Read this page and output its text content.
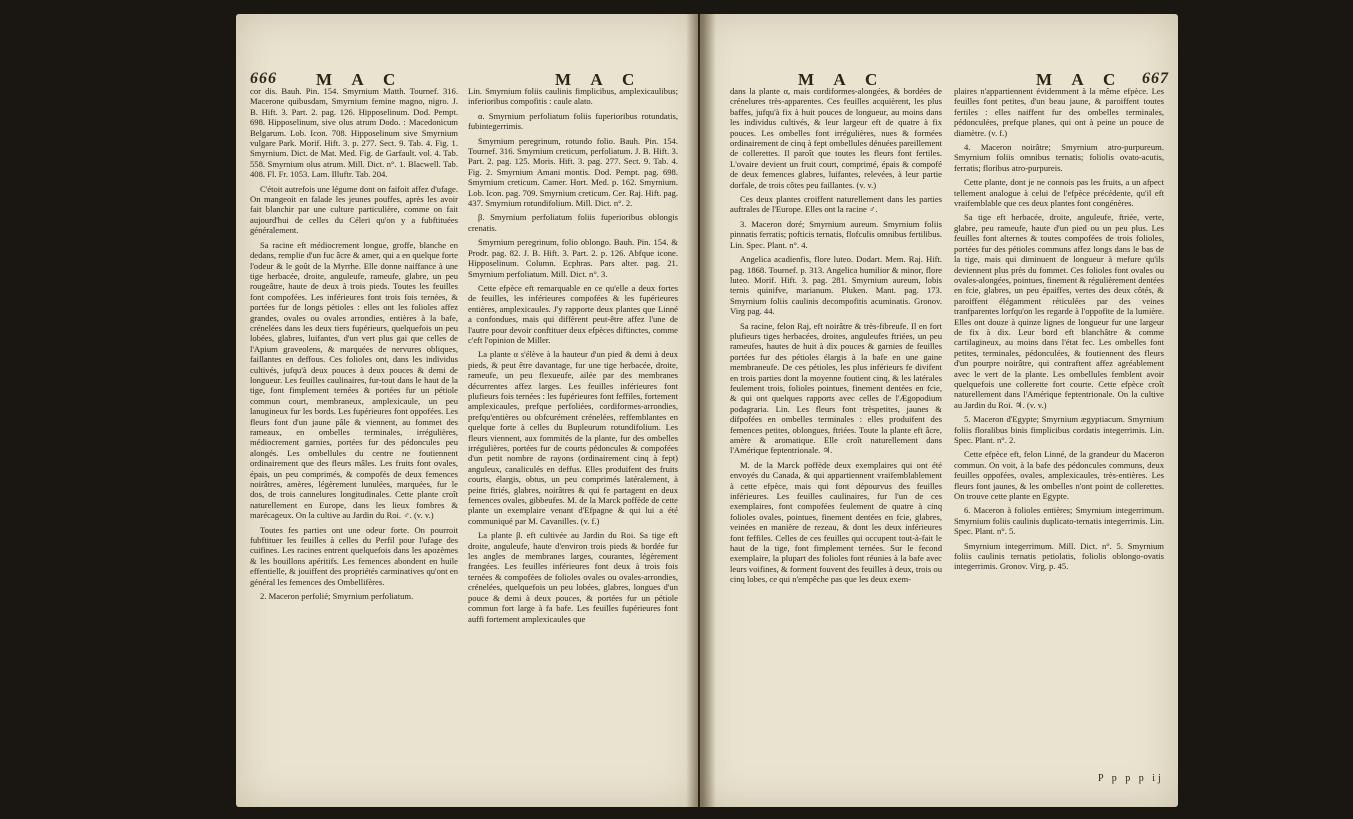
666 M A C	M A C	M A C	M A C 667

cor dis. Bauh. Pin. 154. Smyrnium Matth. Tournef. 316. Macerone quibusdam, Smyrnium femine magno, nigro. J. B. Hift. 3. Part. 2. pag. 126. Hipposelinum. Dod. Pempt. 698. Hipposelinum, sive olus atrum Dodo. : Macedonicum Belgarum. Lob. Icon. 708. Hipposelinum sive Smyrnium vulgare Park. Morif. Hift. 3. p. 277. Sect. 9. Tab. 4. Fig. 1. Smyrnium. Dict. de Mat. Med. Fig. de Garfault. vol. 4. Tab. 558. Smyrnium olus atrum. Mill. Dict. n°. 1. Blacwell. Tab. 408. Fl. Fr. 1053. Lam. Illuftr. Tab. 204.

C'étoit autrefois une légume dont on faifoit affez d'ufage. On mangeoit en falade les jeunes pouffes, après les avoir fait blanchir par une culture particulière, comme on fait aujourd'hui de celles du Céleri qu'on y a fubftituées généralement.

Sa racine eft médiocrement longue, groffe, blanche en dedans, remplie d'un fuc âcre & amer, qui a en quelque forte l'odeur & le goût de la Myrrhe. Elle donne naiffance à une tige herbacée, droite, anguleufe, rameufe, glabre, un peu rougeâtre, haute de deux à trois pieds. Toutes les feuilles font compofées. Les inférieures font trois fois ternées, & portées fur de longs pétioles : elles ont les folioles affez grandes, ovales ou ovales arrondies, entières à la bafe, crénelées dans les deux tiers fupérieurs, quelquefois un peu lobées, glabres, luifantes, d'un vert plus gai que celles de l'Apium graveolens, & marquées de nervures obliques, faillantes en deffous. Ces folioles ont, dans les individus cultivés, jufqu'à deux pouces à deux pouces & demi de longueur. Les feuilles caulinaires, fur-tout dans le haut de la tige, font fimplement ternées & portées fur un pétiole commun court, membraneux, amplexicaule, un peu lanugineux fur les bords. Les fupérieures font oppofées. Les fleurs font d'un jaune pâle & viennent, au fommet des rameaux, en ombelles terminales, irrégulières, médiocrement garnies, portées fur des pédoncules peu alongés. Les ombellules du centre ne foutiennent ordinairement que des fleurs mâles. Les fruits font ovales, épais, un peu comprimés, & compofés de deux femences noirâtres, amères, légèrement lunulées, marquées, fur le dos, de trois cannelures longitudinales. Cette plante croît naturellement en Europe, dans les lieux fombres & marécageux. On la cultive au Jardin du Roi. ♂. (v. v.)

Toutes fes parties ont une odeur forte. On pourroit fubftituer les feuilles à celles du Perfil pour l'ufage des cuifines. Les racines entrent quelquefois dans les apozèmes & les bouillons apéritifs. Les femences abondent en huile effentielle, & jouiffent des propriétés carminatives qu'ont en général les femences des Ombellifères.

2. Maceron perfolié; Smyrnium perfoliatum.

Lin. Smyrnium foliis caulinis fimplicibus, amplexicaulibus; inferioribus compofitis : caule alato.

α. Smyrnium perfoliatum foliis fuperioribus rotundatis, fubintegerrimis.

Smyrnium peregrinum, rotundo folio. Bauh. Pin. 154. Tournef. 316. Smyrnium creticum, perfoliatum. J. B. Hift. 3. Part. 2. pag. 125. Moris. Hift. 3. pag. 277. Sect. 9. Tab. 4. Fig. 2. Smyrnium Amani montis. Dod. Pempt. pag. 698. Smyrnium creticum. Camer. Hort. Med. p. 162. Smyrnium. Lob. Icon. pag. 709. Smyrnium creticum. Cer. Raj. Hift. pag. 437. Smyrnium rotundifolium. Mill. Dict. n°. 2.

β. Smyrnium perfoliatum foliis fuperioribus oblongis crenatis.

Smyrnium peregrinum, folio oblongo. Bauh. Pin. 154. & Prodr. pag. 82. J. B. Hift. 3. Part. 2. p. 126. Abfque icone. Hipposelinum. Column. Ecphras. Pars alter. pag. 21. Smyrnium perfoliatum. Mill. Dict. n°. 3.

Cette efpèce eft remarquable en ce qu'elle a deux fortes de feuilles, les inférieures compofées & les fupérieures entières, amplexicaules. J'y rapporte deux plantes que Linné a confondues, mais qui diffèrent peut-être affez l'une de l'autre pour devoir conftituer deux efpèces diftinctes, comme c'eft l'opinion de Miller.

La plante α s'élève à la hauteur d'un pied & demi à deux pieds, & peut être davantage, fur une tige herbacée, droite, rameufe, un peu flexueufe, ailée par des membranes décurrentes affez larges. Les feuilles inférieures font plufieurs fois ternées : les fupérieures font feffiles, fortement amplexicaules, prefque perfoliées, cordiformes-arrondies, prefqu'entières ou obfcurément crénelées, reffemblantes en quelque forte à celles du Bupleurum rotundifolium. Les fleurs viennent, aux fommités de la plante, fur des ombelles irrégulières, portées fur de courts pédoncules & compofées d'un petit nombre de rayons (ordinairement cinq à fept) anguleux, canaliculés en deffus. Elles produifent des fruits courts, élargis, obtus, un peu comprimés latéralement, à peine ftriés, glabres, noirâtres & qui fe partagent en deux femences ovales, gibbeufes. M. de la Marck poffède de cette plante un exemplaire venant d'Efpagne & qui lui a été communiqué par M. Cavanilles. (v. f.)

La plante β. eft cultivée au Jardin du Roi. Sa tige eft droite, anguleufe, haute d'environ trois pieds & bordée fur les angles de membranes larges, courantes, légèrement frangées. Les feuilles inférieures font deux à trois fois ternées & compofées de folioles ovales ou ovales-arrondies, crénelées, quelquefois un peu lobées, glabres, longues d'un pouce & demi à deux pouces, & portées fur un pétiole commun fort large à fa bafe. Les feuilles fupérieures font auffi fortement amplexicaules que

dans la plante α, mais cordiformes-alongées, & bordées de crénelures très-apparentes. Ces feuilles acquièrent, les plus baffes, jufqu'à fix à huit pouces de longueur, au moins dans les individus cultivés, & leur largeur eft de quatre à fix pouces. Les ombelles font irrégulières, nues & formées ordinairement de cinq à fept ombellules dénuées pareillement de collerettes. Il paroît que toutes les fleurs font fertiles. L'ovaire devient un fruit court, comprimé, épais & compofé de deux femences glabres, luifantes, relevées, à leur partie dorfale, de trois côtes peu faillantes. (v. v.)

Ces deux plantes croiffent naturellement dans les parties auftrales de l'Europe. Elles ont la racine ♂.

3. Maceron doré; Smyrnium aureum. Smyrnium foliis pinnatis ferratis; pofticis ternatis, flofculis omnibus fertilibus. Lin. Spec. Plant. n°. 4.

Angelica acadienfis, flore luteo. Dodart. Mem. Raj. Hift. pag. 1868. Tournef. p. 313. Angelica humilior & minor, flore luteo. Morif. Hift. 3. pag. 281. Smyrnium aureum, lobis ternis quinifve, marianum. Pluken. Mant. pag. 173. Smyrnium foliis caulinis decompofitis acuminatis. Gronov. Virg pag. 44.

Sa racine, felon Raj, eft noirâtre & très-fibreufe. Il en fort plufieurs tiges herbacées, droites, anguleufes ftriées, un peu rameufes, hautes de huit à dix pouces & garnies de feuilles portées fur des pétioles élargis à la bafe en une gaine membraneufe. De ces pétioles, les plus inférieurs fe divifent en trois parties dont la moyenne foutient cinq, & les latérales feulement trois, folioles pointues, finement dentées en fcie, & qui ont quelques rapports avec celles de l'Ægopodium podagraria. Lin. Les fleurs font trèspetites, jaunes & difpofées en ombelles terminales : elles produifent des femences petites, oblongues, ftriées. Toute la plante eft âcre, amère & aromatique. Elle croît naturellement dans l'Amérique feptentrionale. ♃.

M. de la Marck poffède deux exemplaires qui ont été envoyés du Canada, & qui appartiennent vraifemblablement à cette efpèce, mais qui font dépourvus des feuilles inférieures. Les feuilles caulinaires, fur l'un de ces exemplaires, font compofées feulement de quatre à cinq folioles ovales, pointues, finement dentées en fcie, glabres, veinées en manière de rezeau, & dont les deux inférieures font feffiles. Celles de ces feuilles qui occupent tout-à-fait le haut de la tige, font fimplement ternées. Sur le fecond exemplaire, la plupart des folioles font réunies à la bafe avec leurs voifines, & forment fouvent des feuilles à deux, trois ou cinq lobes, ce qui n'empêche pas que les deux exem-

plaires n'appartiennent évidemment à la même efpèce. Les feuilles font petites, d'un beau jaune, & paroiffent toutes fertiles : elles naiffent fur des ombelles terminales, pédonculées, prefque planes, qui ont à peine un pouce de diamètre. (v. f.)

4. Maceron noirâtre; Smyrnium atro-purpureum. Smyrnium foliis omnibus ternatis; foliolis ovato-acutis, ferratis; floribus atro-purpureis.

Cette plante, dont je ne connois pas les fruits, a un afpect tellement analogue à celui de l'efpèce précédente, qu'il eft vraifemblable que ces deux plantes font congénères.

Sa tige eft herbacée, droite, anguleufe, ftriée, verte, glabre, peu rameufe, haute d'un pied ou un peu plus. Les feuilles font alternes & toutes compofées de trois folioles, portées fur des pétioles communs affez longs dans le bas de la tige, mais qui diminuent de longueur à mefure qu'ils deviennent plus près du fommet. Ces folioles font ovales ou ovales-alongées, pointues, finement & régulièrement dentées en fcie, glabres, un peu épaiffes, vertes des deux côtés, & paroiffent élégamment réticulées par des veines tranfparentes lorfqu'on les regarde à l'oppofite de la lumière. Elles ont douze à quinze lignes de longueur fur une largeur de fix à dix. Leur bord eft blanchâtre & comme cartilagineux, au moins dans l'état fec. Les ombelles font petites, terminales, pédonculées, & foutiennent des fleurs d'un pourpre noirâtre, qui contraftent affez agréablement avec le vert de la plante. Les ombellules femblent avoir quelquefois une collerette fort courte. Cette efpèce croît naturellement dans l'Amérique feptentrionale. On la cultive au Jardin du Roi. ♃. (v. v.)

5. Maceron d'Egypte; Smyrnium ægyptiacum. Smyrnium foliis floralibus binis fimplicibus cordatis integerrimis. Lin. Spec. Plant. n°. 2.

Cette efpèce eft, felon Linné, de la grandeur du Maceron commun. On voit, à la bafe des pédoncules communs, deux feuilles oppofées, ovales, amplexicaules, très-entières. Les fleurs font jaunes, & les ombelles n'ont point de collerettes. On trouve cette plante en Egypte.

6. Maceron à folioles entières; Smyrnium integerrimum. Smyrnium foliis caulinis duplicato-ternatis integerrimis. Lin. Spec. Plant. n°. 5.

Smyrnium integerrimum. Mill. Dict. n°. 5. Smyrnium foliis caulinis ternatis petiolatis, foliolis oblongo-ovatis integerrimis. Gronov. Virg. p. 45.

P p p p ij
